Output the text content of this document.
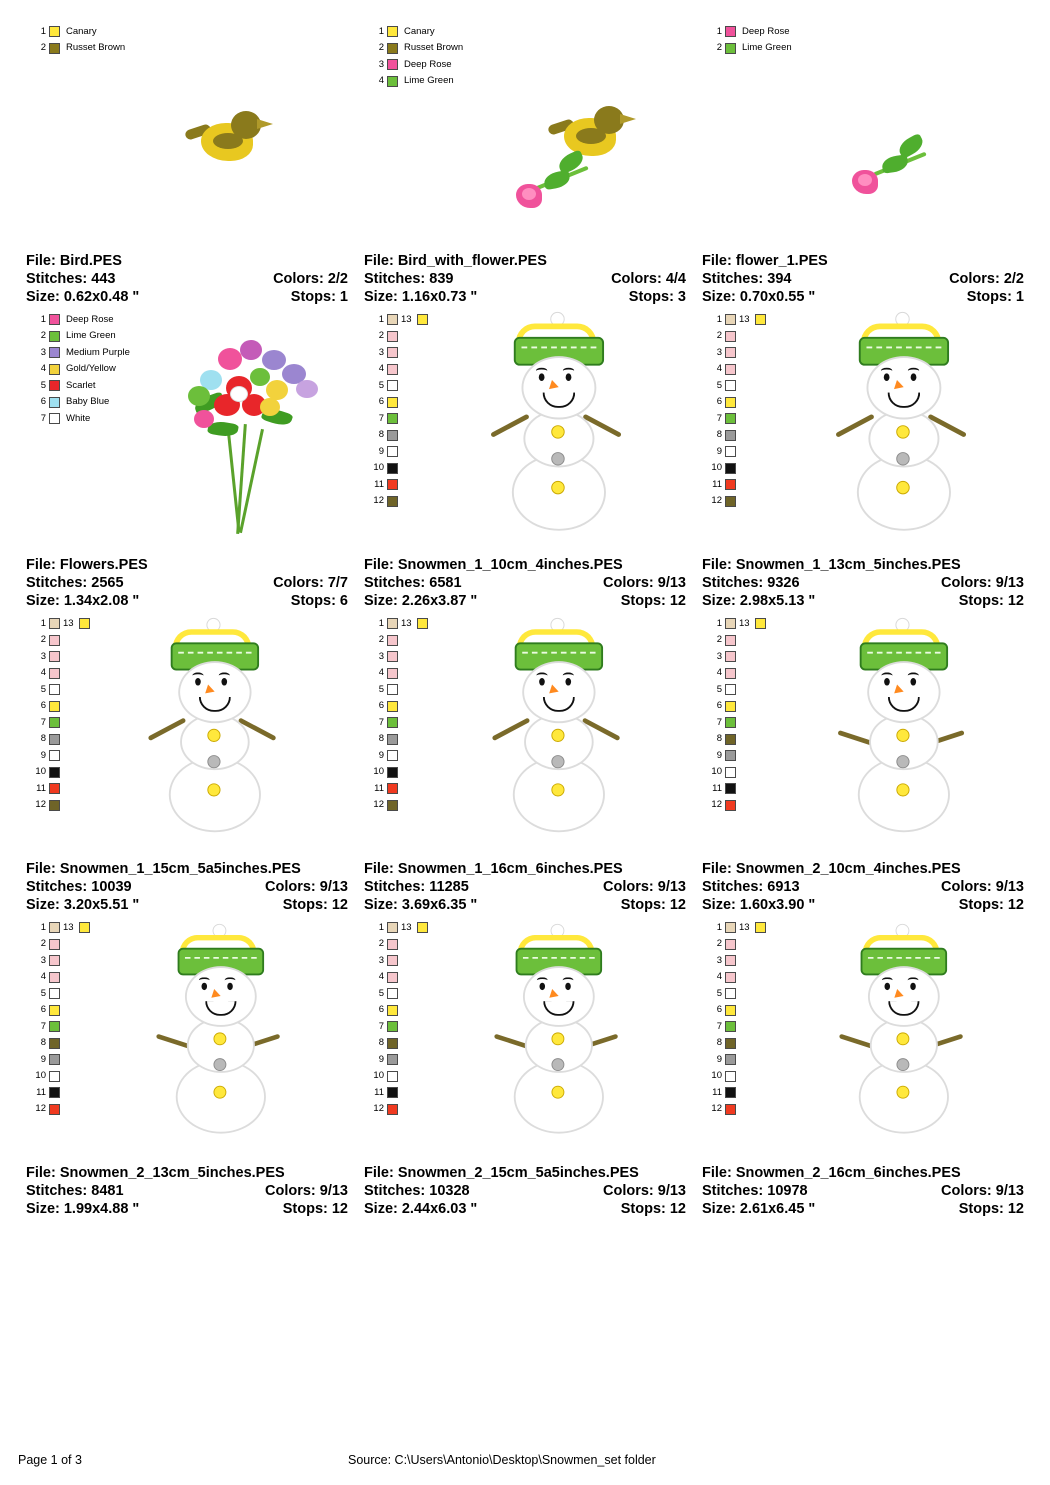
1	Canary
2	Russet Brown
File: Bird.PES
Stitches: 443	Colors: 2/2
Size: 0.62x0.48 "	Stops: 1
1	Canary
2	Russet Brown
3	Deep Rose
4	Lime Green
File: Bird_with_flower.PES
Stitches: 839	Colors: 4/4
Size: 1.16x0.73 "	Stops: 3
1	Deep Rose
2	Lime Green
File: flower_1.PES
Stitches: 394	Colors: 2/2
Size: 0.70x0.55 "	Stops: 1
1	Deep Rose
2	Lime Green
3	Medium Purple
4	Gold/Yellow
5	Scarlet
6	Baby Blue
7	White
File: Flowers.PES
Stitches: 2565	Colors: 7/7
Size: 1.34x2.08 "	Stops: 6
1	13
2
3
4
5
6
7
8
9
10
11
12
File: Snowmen_1_10cm_4inches.PES
Stitches: 6581	Colors: 9/13
Size: 2.26x3.87 "	Stops: 12
1	13
2
3
4
5
6
7
8
9
10
11
12
File: Snowmen_1_13cm_5inches.PES
Stitches: 9326	Colors: 9/13
Size: 2.98x5.13 "	Stops: 12
1	13
2
3
4
5
6
7
8
9
10
11
12
File: Snowmen_1_15cm_5a5inches.PES
Stitches: 10039	Colors: 9/13
Size: 3.20x5.51 "	Stops: 12
1	13
2
3
4
5
6
7
8
9
10
11
12
File: Snowmen_1_16cm_6inches.PES
Stitches: 11285	Colors: 9/13
Size: 3.69x6.35 "	Stops: 12
1	13
2
3
4
5
6
7
8
9
10
11
12
File: Snowmen_2_10cm_4inches.PES
Stitches: 6913	Colors: 9/13
Size: 1.60x3.90 "	Stops: 12
1	13
2
3
4
5
6
7
8
9
10
11
12
File: Snowmen_2_13cm_5inches.PES
Stitches: 8481	Colors: 9/13
Size: 1.99x4.88 "	Stops: 12
1	13
2
3
4
5
6
7
8
9
10
11
12
File: Snowmen_2_15cm_5a5inches.PES
Stitches: 10328	Colors: 9/13
Size: 2.44x6.03 "	Stops: 12
1	13
2
3
4
5
6
7
8
9
10
11
12
File: Snowmen_2_16cm_6inches.PES
Stitches: 10978	Colors: 9/13
Size: 2.61x6.45 "	Stops: 12
Page 1 of 3	Source: C:\Users\Antonio\Desktop\Snowmen_set folder
